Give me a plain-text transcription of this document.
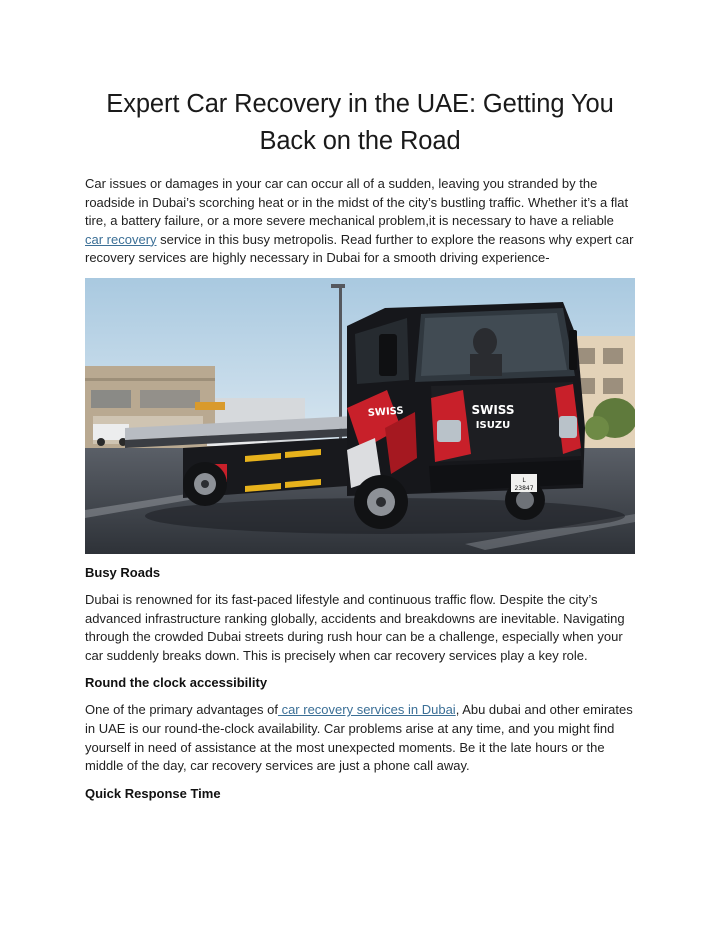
Expert Car Recovery in the UAE: Getting You
Back on the Road

Car issues or damages in your car can occur all of a sudden, leaving you stranded by the roadside in Dubai’s scorching heat or in the midst of the city’s bustling traffic. Whether it’s a flat tire, a battery failure, or a more severe mechanical problem,it is necessary to have a reliable car recovery service in this busy metropolis. Read further to explore the reasons why expert car recovery services are highly necessary in Dubai for a smooth driving experience-

SWISS	SWISS
ISUZU
L
23847
Busy Roads

Dubai is renowned for its fast-paced lifestyle and continuous traffic flow. Despite the city’s advanced infrastructure ranking globally, accidents and breakdowns are inevitable. Navigating through the crowded Dubai streets during rush hour can be a challenge, especially when your car suddenly breaks down. This is precisely when car recovery services play a key role.

Round the clock accessibility

One of the primary advantages of car recovery services in Dubai, Abu dubai and other emirates in UAE is our round-the-clock availability. Car problems arise at any time, and you might find yourself in need of assistance at the most unexpected moments. Be it the late hours or the middle of the day, car recovery services are just a phone call away.

Quick Response Time
